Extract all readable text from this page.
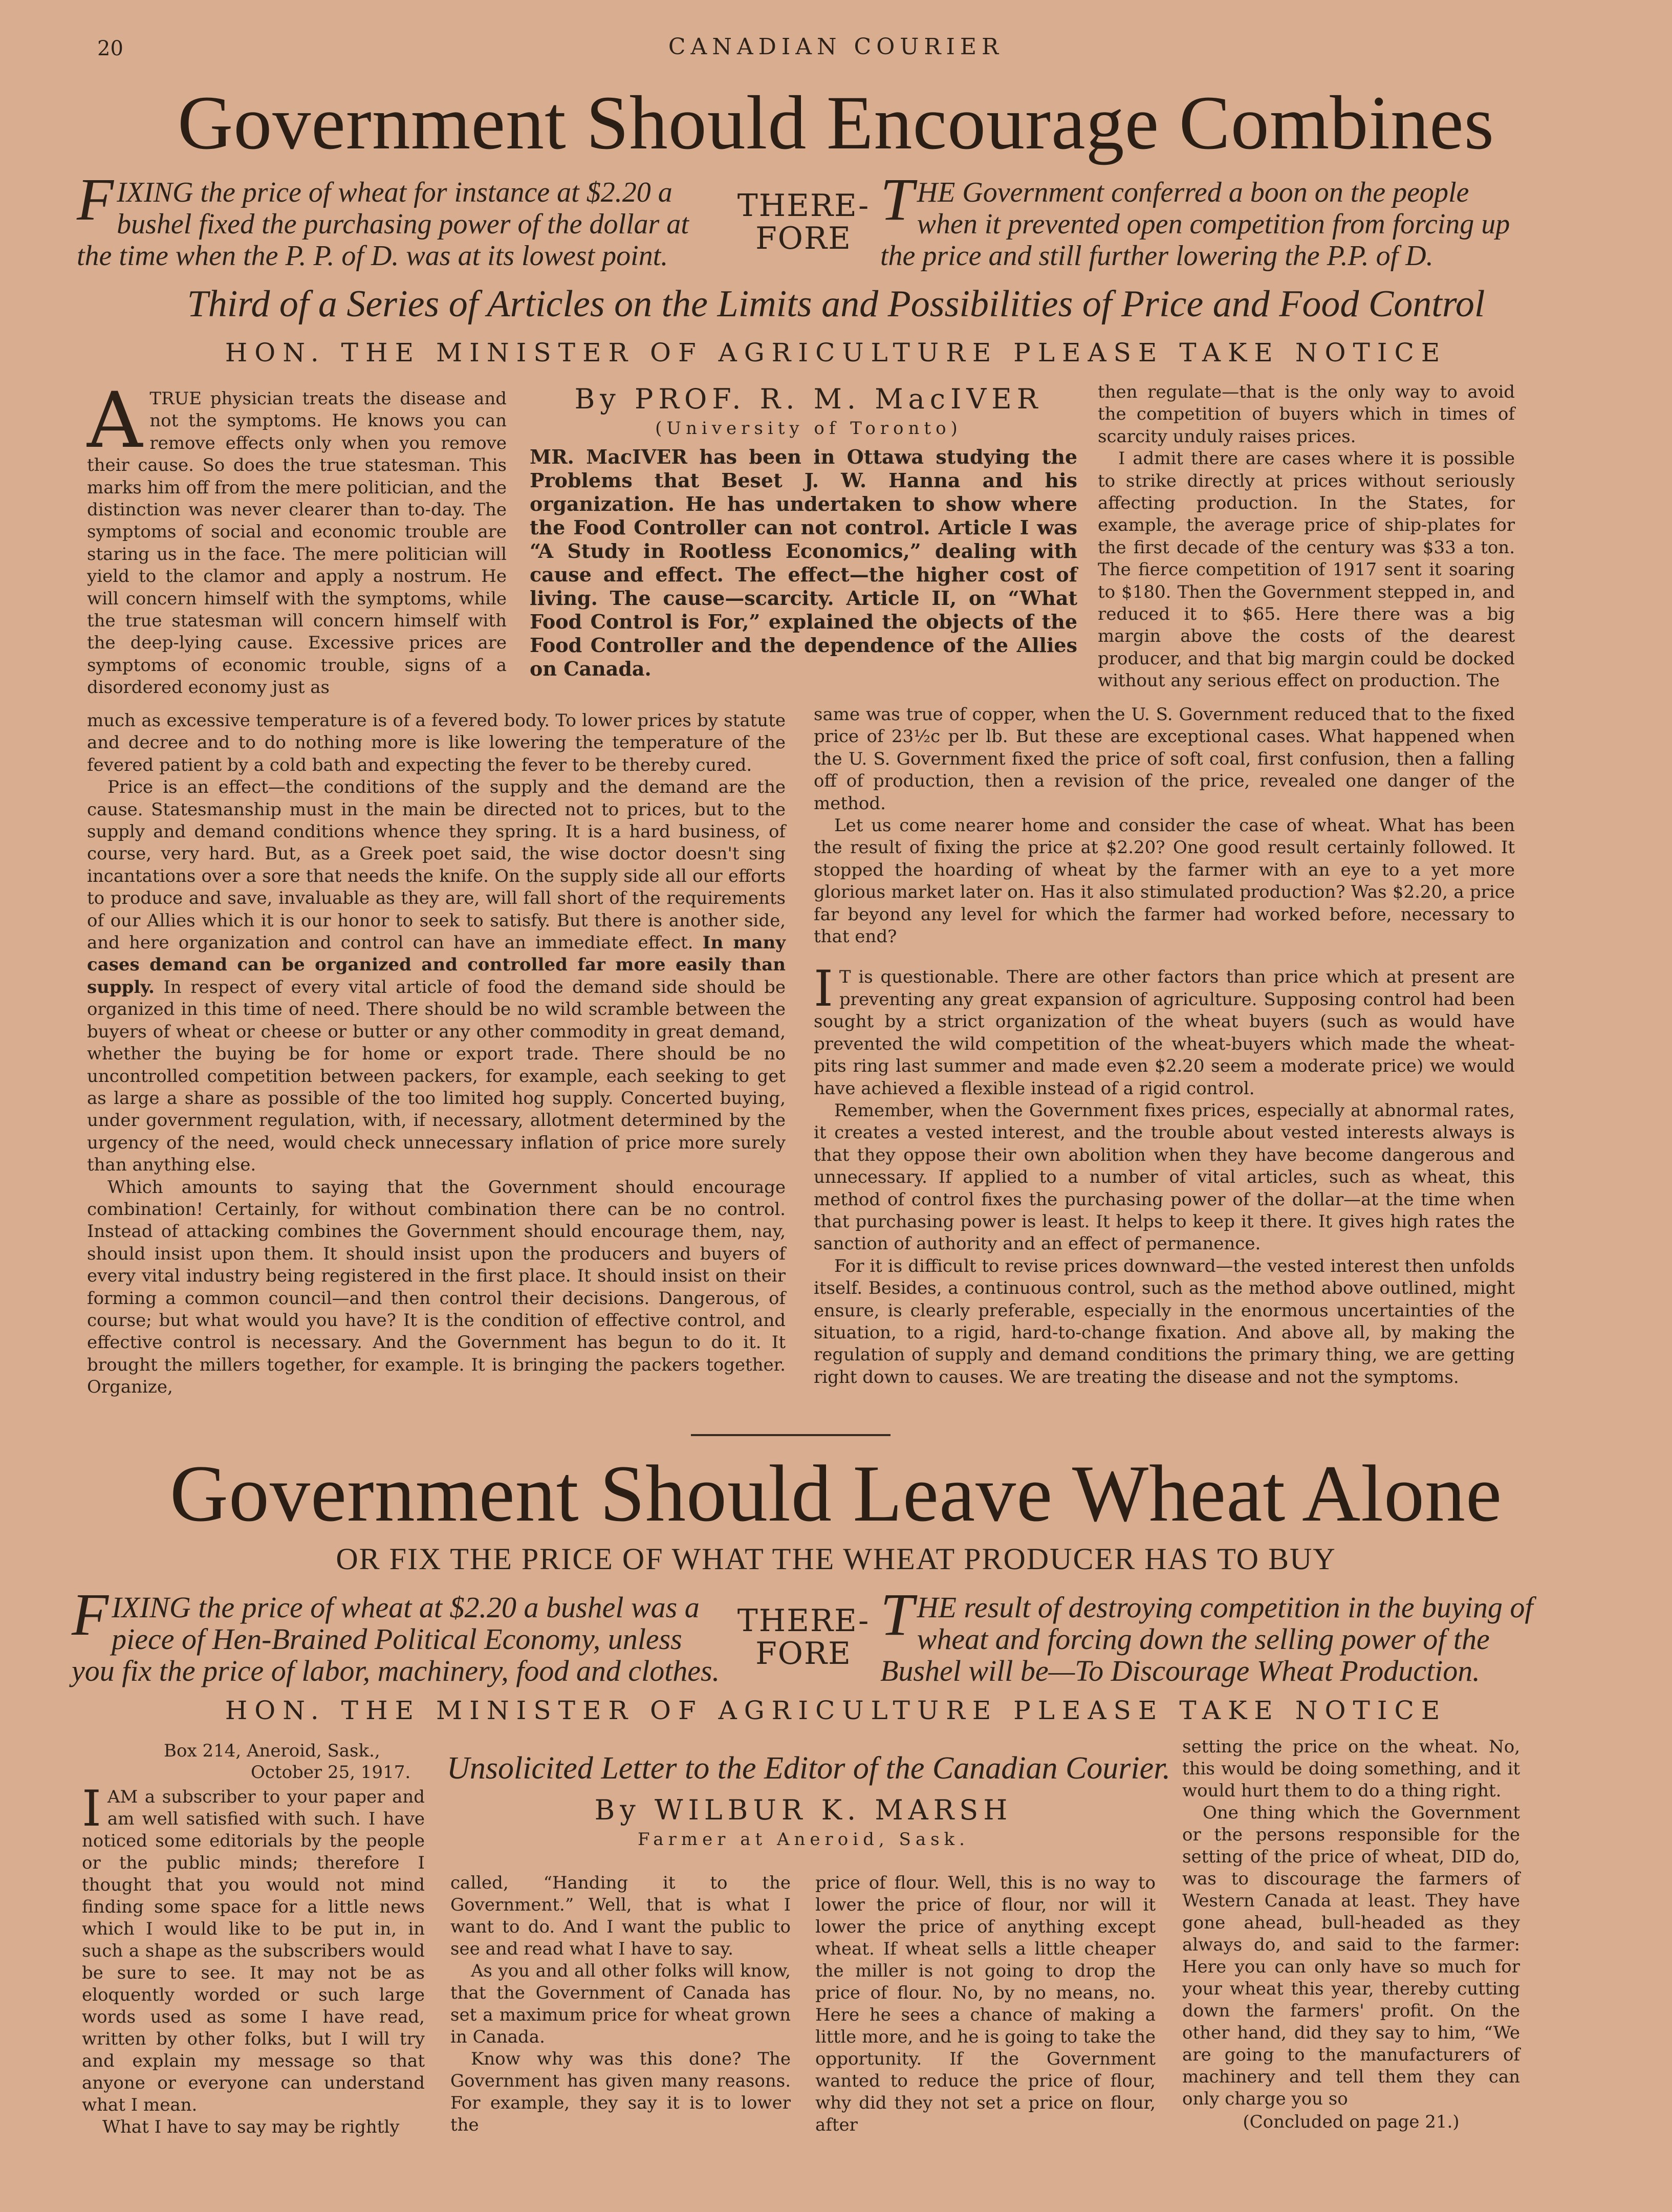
20	CANADIAN COURIER
Government Should Encourage Combines
FIXING the price of wheat for instance at $2.20 a bushel fixed the purchasing power of the dollar at the time when the P. P. of D. was at its lowest point.
THERE- FORE
THE Government conferred a boon on the people when it prevented open competition from forcing up the price and still further lowering the P.P. of D.
Third of a Series of Articles on the Limits and Possibilities of Price and Food Control
HON. THE MINISTER OF AGRICULTURE PLEASE TAKE NOTICE
By PROF. R. M. MacIVER
(University of Toronto)
MR. MacIVER has been in Ottawa studying the Problems that Beset J. W. Hanna and his organization. He has undertaken to show where the Food Controller can not control. Article I was “A Study in Rootless Economics,” dealing with cause and effect. The effect—the higher cost of living. The cause—scarcity. Article II, on “What Food Control is For,” explained the objects of the Food Controller and the dependence of the Allies on Canada.

ATRUE physician treats the disease and not the symptoms. He knows you can remove effects only when you remove their cause. So does the true statesman. This marks him off from the mere politician, and the distinction was never clearer than to-day. The symptoms of social and economic trouble are staring us in the face. The mere politician will yield to the clamor and apply a nostrum. He will concern himself with the symptoms, while the true statesman will concern himself with the deep-lying cause. Excessive prices are symptoms of economic trouble, signs of a disordered economy just as

much as excessive temperature is of a fevered body. To lower prices by statute and decree and to do nothing more is like lowering the temperature of the fevered patient by a cold bath and expecting the fever to be thereby cured.

Price is an effect—the conditions of the supply and the demand are the cause. Statesmanship must in the main be directed not to prices, but to the supply and demand conditions whence they spring. It is a hard business, of course, very hard. But, as a Greek poet said, the wise doctor doesn't sing incantations over a sore that needs the knife. On the supply side all our efforts to produce and save, invaluable as they are, will fall short of the requirements of our Allies which it is our honor to seek to satisfy. But there is another side, and here organization and control can have an immediate effect. In many cases demand can be organized and controlled far more easily than supply. In respect of every vital article of food the demand side should be organized in this time of need. There should be no wild scramble between the buyers of wheat or cheese or butter or any other commodity in great demand, whether the buying be for home or export trade. There should be no uncontrolled competition between packers, for example, each seeking to get as large a share as possible of the too limited hog supply. Concerted buying, under government regulation, with, if necessary, allotment determined by the urgency of the need, would check unnecessary inflation of price more surely than anything else.

Which amounts to saying that the Government should encourage combination! Certainly, for without combination there can be no control. Instead of attacking combines the Government should encourage them, nay, should insist upon them. It should insist upon the producers and buyers of every vital industry being registered in the first place. It should insist on their forming a common council—and then control their decisions. Dangerous, of course; but what would you have? It is the condition of effective control, and effective control is necessary. And the Government has begun to do it. It brought the millers together, for example. It is bringing the packers together. Organize,

then regulate—that is the only way to avoid the competition of buyers which in times of scarcity unduly raises prices.

I admit there are cases where it is possible to strike directly at prices without seriously affecting production. In the States, for example, the average price of ship-plates for the first decade of the century was $33 a ton. The fierce competition of 1917 sent it soaring to $180. Then the Government stepped in, and reduced it to $65. Here there was a big margin above the costs of the dearest producer, and that big margin could be docked without any serious effect on production. The

same was true of copper, when the U. S. Government reduced that to the fixed price of 23½c per lb. But these are exceptional cases. What happened when the U. S. Government fixed the price of soft coal, first confusion, then a falling off of production, then a revision of the price, revealed one danger of the method.

Let us come nearer home and consider the case of wheat. What has been the result of fixing the price at $2.20? One good result certainly followed. It stopped the hoarding of wheat by the farmer with an eye to a yet more glorious market later on. Has it also stimulated production? Was $2.20, a price far beyond any level for which the farmer had worked before, necessary to that end?

I T is questionable. There are other factors than price which at present are preventing any great expansion of agriculture. Supposing control had been sought by a strict organization of the wheat buyers (such as would have prevented the wild competition of the wheat-buyers which made the wheat-pits ring last summer and made even $2.20 seem a moderate price) we would have achieved a flexible instead of a rigid control.

Remember, when the Government fixes prices, especially at abnormal rates, it creates a vested interest, and the trouble about vested interests always is that they oppose their own abolition when they have become dangerous and unnecessary. If applied to a number of vital articles, such as wheat, this method of control fixes the purchasing power of the dollar—at the time when that purchasing power is least. It helps to keep it there. It gives high rates the sanction of authority and an effect of permanence.

For it is difficult to revise prices downward—the vested interest then unfolds itself. Besides, a continuous control, such as the method above outlined, might ensure, is clearly preferable, especially in the enormous uncertainties of the situation, to a rigid, hard-to-change fixation. And above all, by making the regulation of supply and demand conditions the primary thing, we are getting right down to causes. We are treating the disease and not the symptoms.

Government Should Leave Wheat Alone
OR FIX THE PRICE OF WHAT THE WHEAT PRODUCER HAS TO BUY
FIXING the price of wheat at $2.20 a bushel was a piece of Hen-Brained Political Economy, unless you fix the price of labor, machinery, food and clothes.
THERE- FORE
THE result of destroying competition in the buying of wheat and forcing down the selling power of the Bushel will be—To Discourage Wheat Production.
HON. THE MINISTER OF AGRICULTURE PLEASE TAKE NOTICE
Box 214, Aneroid, Sask.,
October 25, 1917. Unsolicited Letter to the Editor of the Canadian Courier.
By WILBUR K. MARSH
Farmer at Aneroid, Sask.

IAM a subscriber to your paper and am well satisfied with such. I have noticed some editorials by the people or the public minds; therefore I thought that you would not mind finding some space for a little news which I would like to be put in, in such a shape as the subscribers would be sure to see. It may not be as eloquently worded or such large words used as some I have read, written by other folks, but I will try and explain my message so that anyone or everyone can understand what I mean.

What I have to say may be rightly

called, “Handing it to the Government.” Well, that is what I want to do. And I want the public to see and read what I have to say.

As you and all other folks will know, that the Government of Canada has set a maximum price for wheat grown in Canada.

Know why was this done? The Government has given many reasons. For example, they say it is to lower the

price of flour. Well, this is no way to lower the price of flour, nor will it lower the price of anything except wheat. If wheat sells a little cheaper the miller is not going to drop the price of flour. No, by no means, no. Here he sees a chance of making a little more, and he is going to take the opportunity. If the Government wanted to reduce the price of flour, why did they not set a price on flour, after

setting the price on the wheat. No, this would be doing something, and it would hurt them to do a thing right.

One thing which the Government or the persons responsible for the setting of the price of wheat, DID do, was to discourage the farmers of Western Canada at least. They have gone ahead, bull-headed as they always do, and said to the farmer: Here you can only have so much for your wheat this year, thereby cutting down the farmers' profit. On the other hand, did they say to him, “We are going to the manufacturers of machinery and tell them they can only charge you so

(Concluded on page 21.)
